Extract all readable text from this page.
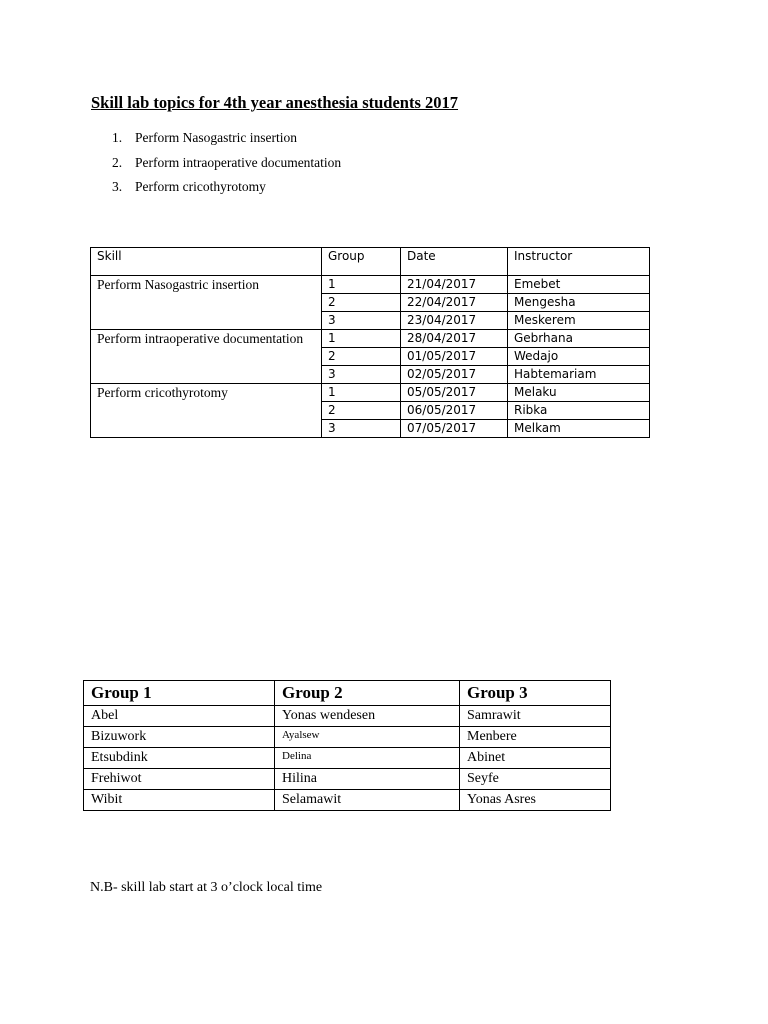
Skill lab topics for 4th year anesthesia students 2017
1. Perform Nasogastric insertion
2. Perform intraoperative documentation
3. Perform cricothyrotomy
Skill	Group	Date	Instructor
Perform Nasogastric insertion	1	21/04/2017	Emebet
	2	22/04/2017	Mengesha
	3	23/04/2017	Meskerem
Perform intraoperative documentation	1	28/04/2017	Gebrhana
	2	01/05/2017	Wedajo
	3	02/05/2017	Habtemariam
Perform cricothyrotomy	1	05/05/2017	Melaku
	2	06/05/2017	Ribka
	3	07/05/2017	Melkam
Group 1	Group 2	Group 3
Abel	Yonas wendesen	Samrawit
Bizuwork	Ayalsew	Menbere
Etsubdink	Delina	Abinet
Frehiwot	Hilina	Seyfe
Wibit	Selamawit	Yonas Asres
N.B- skill lab start at 3 o’clock local time
